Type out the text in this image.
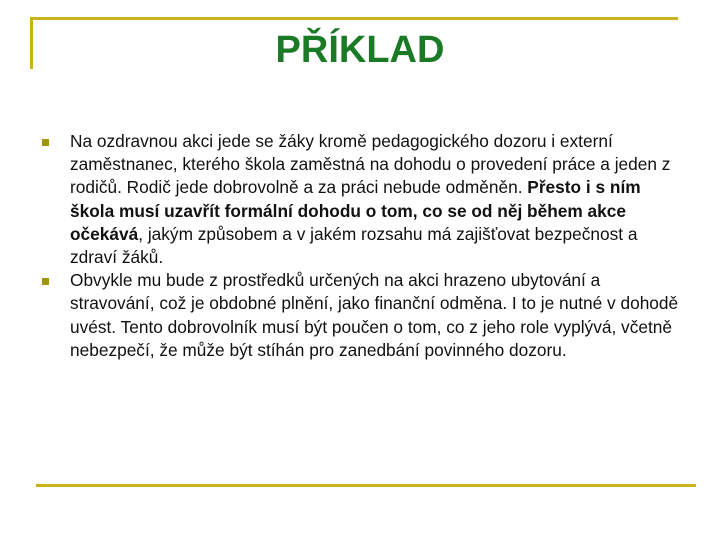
PŘÍKLAD
Na ozdravnou akci jede se žáky kromě pedagogického dozoru i externí zaměstnanec, kterého škola zaměstná na dohodu o provedení práce a jeden z rodičů. Rodič jede dobrovolně a za práci nebude odměněn. Přesto i s ním škola musí uzavřít formální dohodu o tom, co se od něj během akce očekává, jakým způsobem a v jakém rozsahu má zajišťovat bezpečnost a zdraví žáků.
Obvykle mu bude z prostředků určených na akci hrazeno ubytování a stravování, což je obdobné plnění, jako finanční odměna. I to je nutné v dohodě uvést. Tento dobrovolník musí být poučen o tom, co z jeho role vyplývá, včetně nebezpečí, že může být stíhán pro zanedbání povinného dozoru.
